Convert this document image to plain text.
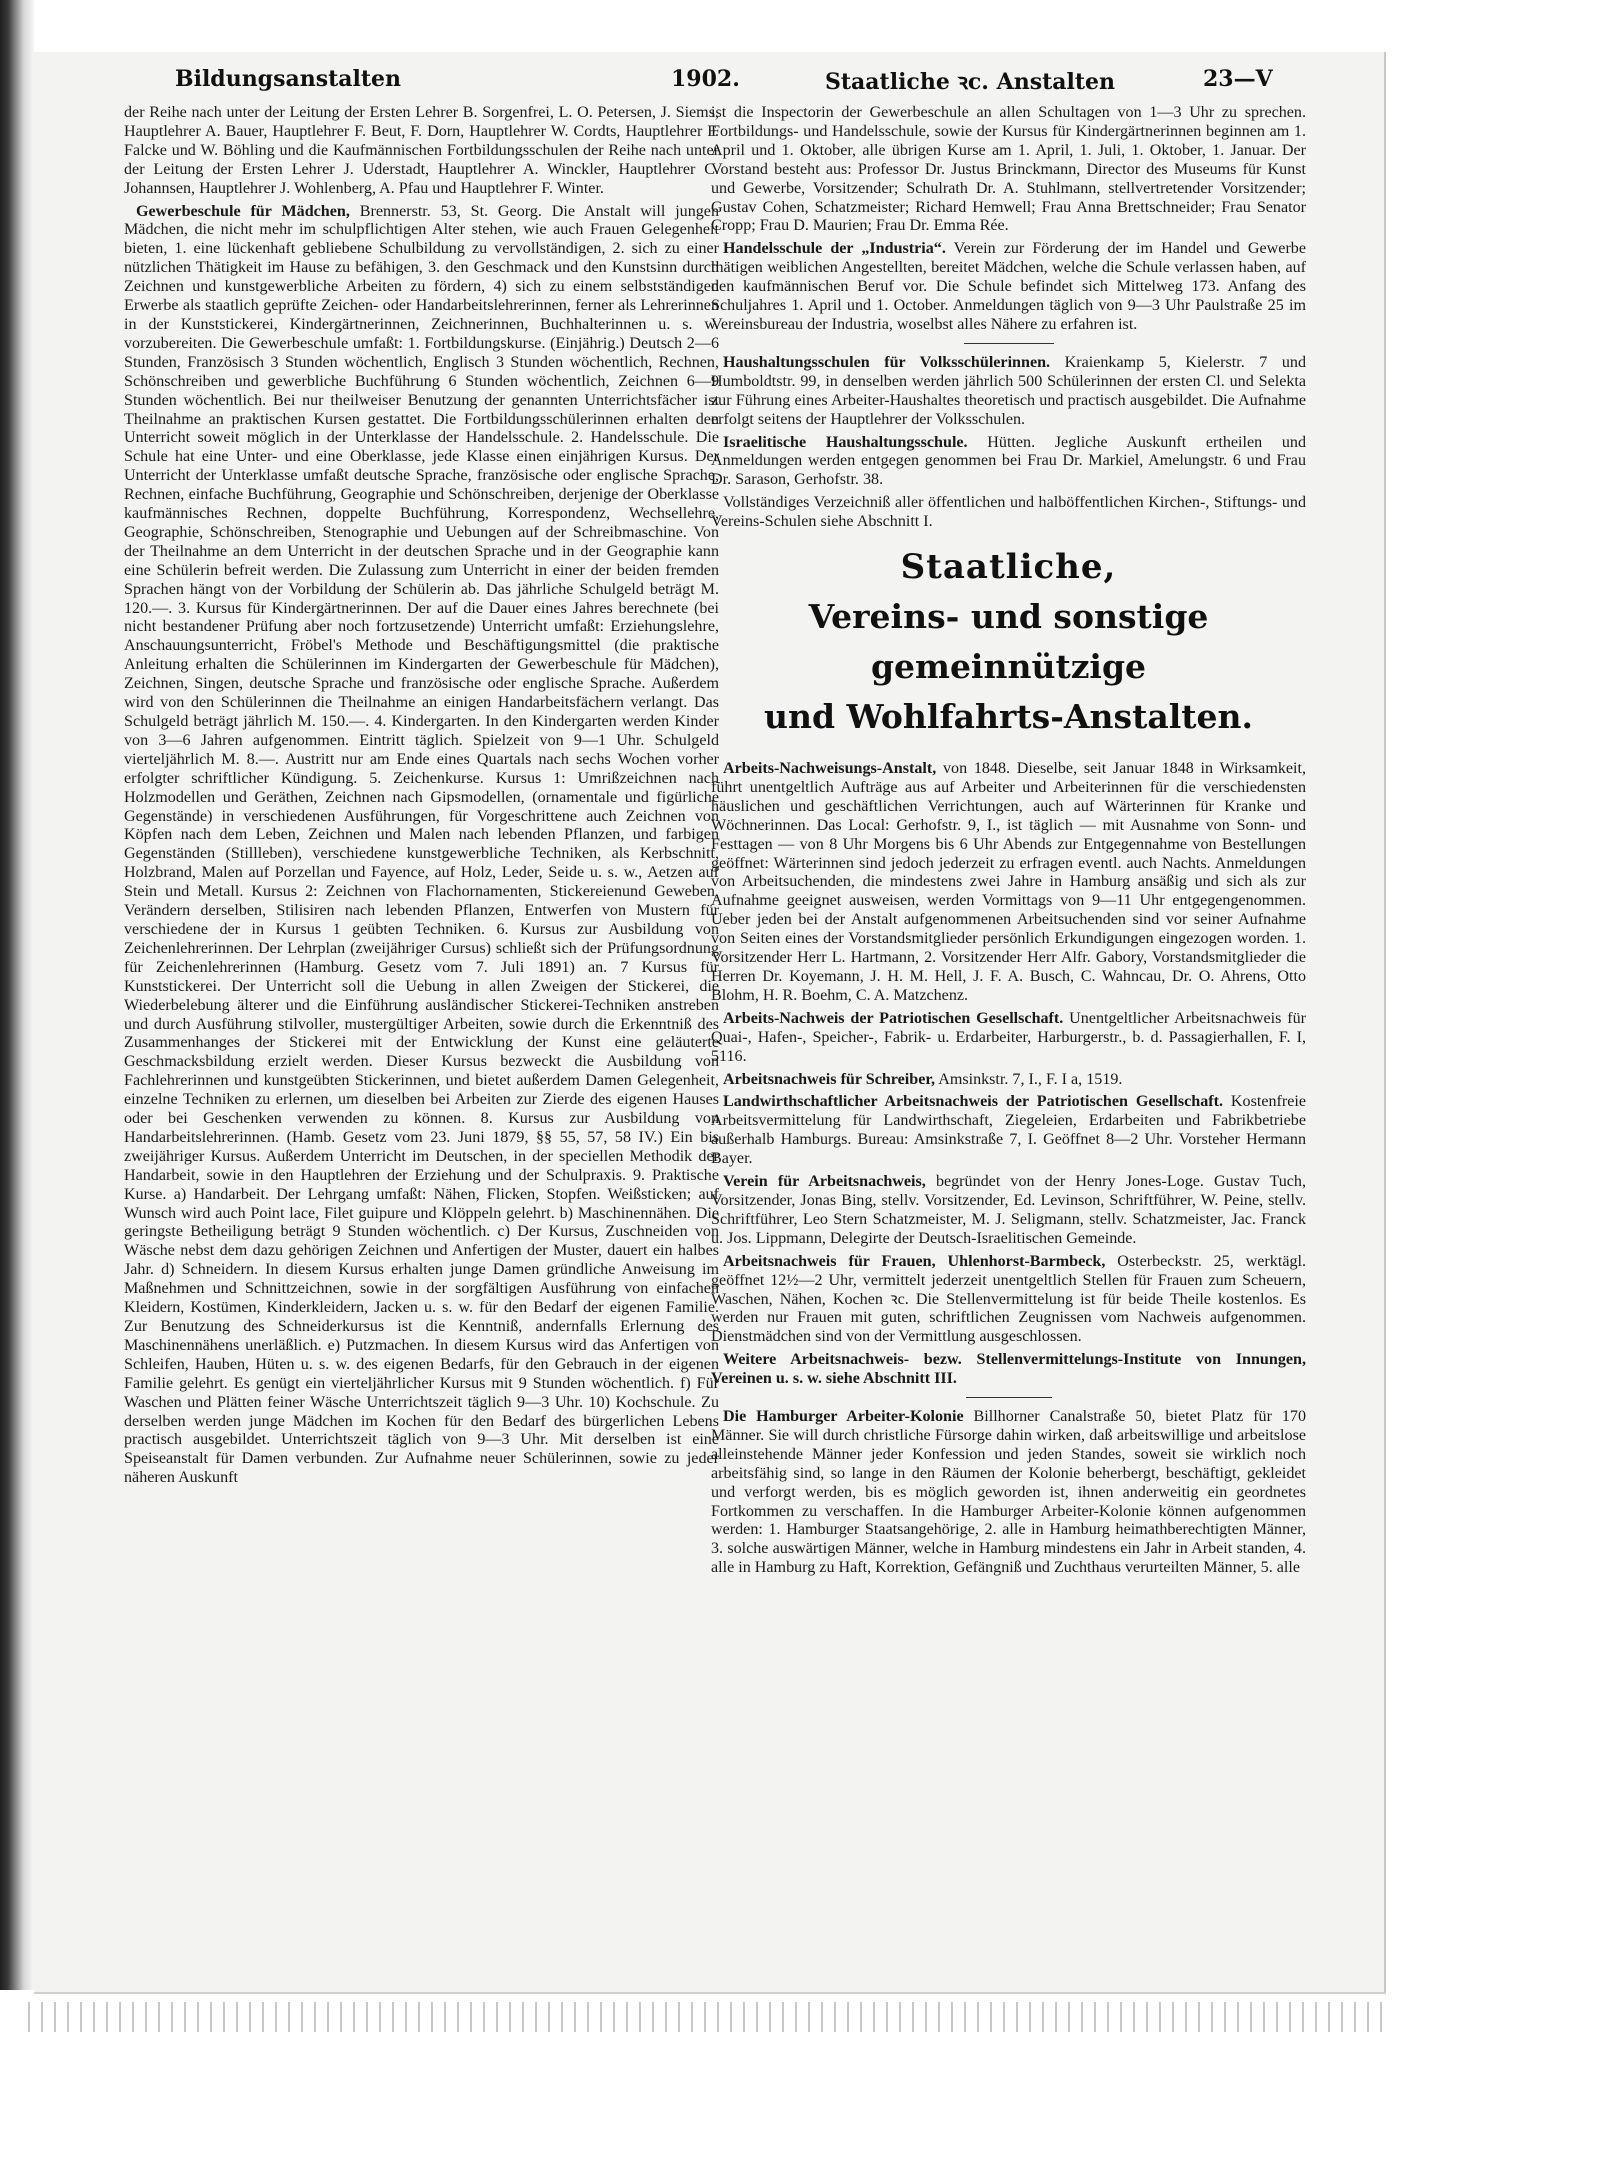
Bildungsanstalten	1902.	Staatliche ꝛc. Anstalten	23—V

der Reihe nach unter der Leitung der Ersten Lehrer B. Sorgenfrei, L. O. Petersen, J. Siems, Hauptlehrer A. Bauer, Hauptlehrer F. Beut, F. Dorn, Hauptlehrer W. Cordts, Hauptlehrer F. Falcke und W. Böhling und die Kaufmännischen Fortbildungsschulen der Reihe nach unter der Leitung der Ersten Lehrer J. Uderstadt, Hauptlehrer A. Winckler, Hauptlehrer C. Johannsen, Hauptlehrer J. Wohlenberg, A. Pfau und Hauptlehrer F. Winter.

Gewerbeschule für Mädchen, Brennerstr. 53, St. Georg. Die Anstalt will jungen Mädchen, die nicht mehr im schulpflichtigen Alter stehen, wie auch Frauen Gelegenheit bieten, 1. eine lückenhaft gebliebene Schulbildung zu vervollständigen, 2. sich zu einer nützlichen Thätigkeit im Hause zu befähigen, 3. den Geschmack und den Kunstsinn durch Zeichnen und kunstgewerbliche Arbeiten zu fördern, 4) sich zu einem selbstständigen Erwerbe als staatlich geprüfte Zeichen- oder Handarbeitslehrerinnen, ferner als Lehrerinnen in der Kunststickerei, Kindergärtnerinnen, Zeichnerinnen, Buchhalterinnen u. s. w. vorzubereiten. Die Gewerbeschule umfaßt: 1. Fortbildungskurse. (Einjährig.) Deutsch 2—6 Stunden, Französisch 3 Stunden wöchentlich, Englisch 3 Stunden wöchentlich, Rechnen, Schönschreiben und gewerbliche Buchführung 6 Stunden wöchentlich, Zeichnen 6—9 Stunden wöchentlich. Bei nur theilweiser Benutzung der genannten Unterrichtsfächer ist Theilnahme an praktischen Kursen gestattet. Die Fortbildungsschülerinnen erhalten den Unterricht soweit möglich in der Unterklasse der Handelsschule. 2. Handelsschule. Die Schule hat eine Unter- und eine Oberklasse, jede Klasse einen einjährigen Kursus. Der Unterricht der Unterklasse umfaßt deutsche Sprache, französische oder englische Sprache, Rechnen, einfache Buchführung, Geographie und Schönschreiben, derjenige der Oberklasse kaufmännisches Rechnen, doppelte Buchführung, Korrespondenz, Wechsellehre, Geographie, Schönschreiben, Stenographie und Uebungen auf der Schreibmaschine. Von der Theilnahme an dem Unterricht in der deutschen Sprache und in der Geographie kann eine Schülerin befreit werden. Die Zulassung zum Unterricht in einer der beiden fremden Sprachen hängt von der Vorbildung der Schülerin ab. Das jährliche Schulgeld beträgt M. 120.—. 3. Kursus für Kindergärtnerinnen. Der auf die Dauer eines Jahres berechnete (bei nicht bestandener Prüfung aber noch fortzusetzende) Unterricht umfaßt: Erziehungslehre, Anschauungsunterricht, Fröbel's Methode und Beschäftigungsmittel (die praktische Anleitung erhalten die Schülerinnen im Kindergarten der Gewerbeschule für Mädchen), Zeichnen, Singen, deutsche Sprache und französische oder englische Sprache. Außerdem wird von den Schülerinnen die Theilnahme an einigen Handarbeitsfächern verlangt. Das Schulgeld beträgt jährlich M. 150.—. 4. Kindergarten. In den Kindergarten werden Kinder von 3—6 Jahren aufgenommen. Eintritt täglich. Spielzeit von 9—1 Uhr. Schulgeld vierteljährlich M. 8.—. Austritt nur am Ende eines Quartals nach sechs Wochen vorher erfolgter schriftlicher Kündigung. 5. Zeichenkurse. Kursus 1: Umrißzeichnen nach Holzmodellen und Geräthen, Zeichnen nach Gipsmodellen, (ornamentale und figürliche Gegenstände) in verschiedenen Ausführungen, für Vorgeschrittene auch Zeichnen von Köpfen nach dem Leben, Zeichnen und Malen nach lebenden Pflanzen, und farbigen Gegenständen (Stillleben), verschiedene kunstgewerbliche Techniken, als Kerbschnitt, Holzbrand, Malen auf Porzellan und Fayence, auf Holz, Leder, Seide u. s. w., Aetzen auf Stein und Metall. Kursus 2: Zeichnen von Flachornamenten, Stickereienund Geweben, Verändern derselben, Stilisiren nach lebenden Pflanzen, Entwerfen von Mustern für verschiedene der in Kursus 1 geübten Techniken. 6. Kursus zur Ausbildung von Zeichenlehrerinnen. Der Lehrplan (zweijähriger Cursus) schließt sich der Prüfungsordnung für Zeichenlehrerinnen (Hamburg. Gesetz vom 7. Juli 1891) an. 7 Kursus für Kunststickerei. Der Unterricht soll die Uebung in allen Zweigen der Stickerei, die Wiederbelebung älterer und die Einführung ausländischer Stickerei-Techniken anstreben und durch Ausführung stilvoller, mustergültiger Arbeiten, sowie durch die Erkenntniß des Zusammenhanges der Stickerei mit der Entwicklung der Kunst eine geläuterte Geschmacksbildung erzielt werden. Dieser Kursus bezweckt die Ausbildung von Fachlehrerinnen und kunstgeübten Stickerinnen, und bietet außerdem Damen Gelegenheit, einzelne Techniken zu erlernen, um dieselben bei Arbeiten zur Zierde des eigenen Hauses oder bei Geschenken verwenden zu können. 8. Kursus zur Ausbildung von Handarbeitslehrerinnen. (Hamb. Gesetz vom 23. Juni 1879, §§ 55, 57, 58 IV.) Ein bis zweijähriger Kursus. Außerdem Unterricht im Deutschen, in der speciellen Methodik der Handarbeit, sowie in den Hauptlehren der Erziehung und der Schulpraxis. 9. Praktische Kurse. a) Handarbeit. Der Lehrgang umfaßt: Nähen, Flicken, Stopfen. Weißsticken; auf Wunsch wird auch Point lace, Filet guipure und Klöppeln gelehrt. b) Maschinennähen. Die geringste Betheiligung beträgt 9 Stunden wöchentlich. c) Der Kursus, Zuschneiden von Wäsche nebst dem dazu gehörigen Zeichnen und Anfertigen der Muster, dauert ein halbes Jahr. d) Schneidern. In diesem Kursus erhalten junge Damen gründliche Anweisung im Maßnehmen und Schnittzeichnen, sowie in der sorgfältigen Ausführung von einfachen Kleidern, Kostümen, Kinderkleidern, Jacken u. s. w. für den Bedarf der eigenen Familie. Zur Benutzung des Schneiderkursus ist die Kenntniß, andernfalls Erlernung des Maschinennähens unerläßlich. e) Putzmachen. In diesem Kursus wird das Anfertigen von Schleifen, Hauben, Hüten u. s. w. des eigenen Bedarfs, für den Gebrauch in der eigenen Familie gelehrt. Es genügt ein vierteljährlicher Kursus mit 9 Stunden wöchentlich. f) Für Waschen und Plätten feiner Wäsche Unterrichtszeit täglich 9—3 Uhr. 10) Kochschule. Zu derselben werden junge Mädchen im Kochen für den Bedarf des bürgerlichen Lebens practisch ausgebildet. Unterrichtszeit täglich von 9—3 Uhr. Mit derselben ist eine Speiseanstalt für Damen verbunden. Zur Aufnahme neuer Schülerinnen, sowie zu jeder näheren Auskunft

ist die Inspectorin der Gewerbeschule an allen Schultagen von 1—3 Uhr zu sprechen. Fortbildungs- und Handelsschule, sowie der Kursus für Kindergärtnerinnen beginnen am 1. April und 1. Oktober, alle übrigen Kurse am 1. April, 1. Juli, 1. Oktober, 1. Januar. Der Vorstand besteht aus: Professor Dr. Justus Brinckmann, Director des Museums für Kunst und Gewerbe, Vorsitzender; Schulrath Dr. A. Stuhlmann, stellvertretender Vorsitzender; Gustav Cohen, Schatzmeister; Richard Hemwell; Frau Anna Brettschneider; Frau Senator Cropp; Frau D. Maurien; Frau Dr. Emma Rée.

Handelsschule der „Industria“. Verein zur Förderung der im Handel und Gewerbe thätigen weiblichen Angestellten, bereitet Mädchen, welche die Schule verlassen haben, auf den kaufmännischen Beruf vor. Die Schule befindet sich Mittelweg 173. Anfang des Schuljahres 1. April und 1. October. Anmeldungen täglich von 9—3 Uhr Paulstraße 25 im Vereinsbureau der Industria, woselbst alles Nähere zu erfahren ist.

Haushaltungsschulen für Volksschülerinnen. Kraienkamp 5, Kielerstr. 7 und Humboldtstr. 99, in denselben werden jährlich 500 Schülerinnen der ersten Cl. und Selekta zur Führung eines Arbeiter-Haushaltes theoretisch und practisch ausgebildet. Die Aufnahme erfolgt seitens der Hauptlehrer der Volksschulen.

Israelitische Haushaltungsschule. Hütten. Jegliche Auskunft ertheilen und Anmeldungen werden entgegen genommen bei Frau Dr. Markiel, Amelungstr. 6 und Frau Dr. Sarason, Gerhofstr. 38.

Vollständiges Verzeichniß aller öffentlichen und halböffentlichen Kirchen-, Stiftungs- und Vereins-Schulen siehe Abschnitt I.

Staatliche,
Vereins- und sonstige gemeinnützige
und Wohlfahrts-Anstalten.

Arbeits-Nachweisungs-Anstalt, von 1848. Dieselbe, seit Januar 1848 in Wirksamkeit, führt unentgeltlich Aufträge aus auf Arbeiter und Arbeiterinnen für die verschiedensten häuslichen und geschäftlichen Verrichtungen, auch auf Wärterinnen für Kranke und Wöchnerinnen. Das Local: Gerhofstr. 9, I., ist täglich — mit Ausnahme von Sonn- und Festtagen — von 8 Uhr Morgens bis 6 Uhr Abends zur Entgegennahme von Bestellungen geöffnet: Wärterinnen sind jedoch jederzeit zu erfragen eventl. auch Nachts. Anmeldungen von Arbeitsuchenden, die mindestens zwei Jahre in Hamburg ansäßig und sich als zur Aufnahme geeignet ausweisen, werden Vormittags von 9—11 Uhr entgegengenommen. Ueber jeden bei der Anstalt aufgenommenen Arbeitsuchenden sind vor seiner Aufnahme von Seiten eines der Vorstandsmitglieder persönlich Erkundigungen eingezogen worden. 1. Vorsitzender Herr L. Hartmann, 2. Vorsitzender Herr Alfr. Gabory, Vorstandsmitglieder die Herren Dr. Koyemann, J. H. M. Hell, J. F. A. Busch, C. Wahncau, Dr. O. Ahrens, Otto Blohm, H. R. Boehm, C. A. Matzchenz.

Arbeits-Nachweis der Patriotischen Gesellschaft. Unentgeltlicher Arbeitsnachweis für Quai-, Hafen-, Speicher-, Fabrik- u. Erdarbeiter, Harburgerstr., b. d. Passagierhallen, F. I, 5116.

Arbeitsnachweis für Schreiber, Amsinkstr. 7, I., F. I a, 1519.

Landwirthschaftlicher Arbeitsnachweis der Patriotischen Gesellschaft. Kostenfreie Arbeitsvermittelung für Landwirthschaft, Ziegeleien, Erdarbeiten und Fabrikbetriebe außerhalb Hamburgs. Bureau: Amsinkstraße 7, I. Geöffnet 8—2 Uhr. Vorsteher Hermann Bayer.

Verein für Arbeitsnachweis, begründet von der Henry Jones-Loge. Gustav Tuch, Vorsitzender, Jonas Bing, stellv. Vorsitzender, Ed. Levinson, Schriftführer, W. Peine, stellv. Schriftführer, Leo Stern Schatzmeister, M. J. Seligmann, stellv. Schatzmeister, Jac. Franck u. Jos. Lippmann, Delegirte der Deutsch-Israelitischen Gemeinde.

Arbeitsnachweis für Frauen, Uhlenhorst-Barmbeck, Osterbeckstr. 25, werktägl. geöffnet 12½—2 Uhr, vermittelt jederzeit unentgeltlich Stellen für Frauen zum Scheuern, Waschen, Nähen, Kochen ꝛc. Die Stellenvermittelung ist für beide Theile kostenlos. Es werden nur Frauen mit guten, schriftlichen Zeugnissen vom Nachweis aufgenommen. Dienstmädchen sind von der Vermittlung ausgeschlossen.

Weitere Arbeitsnachweis- bezw. Stellenvermittelungs-Institute von Innungen, Vereinen u. s. w. siehe Abschnitt III.

Die Hamburger Arbeiter-Kolonie Billhorner Canalstraße 50, bietet Platz für 170 Männer. Sie will durch christliche Fürsorge dahin wirken, daß arbeitswillige und arbeitslose alleinstehende Männer jeder Konfession und jeden Standes, soweit sie wirklich noch arbeitsfähig sind, so lange in den Räumen der Kolonie beherbergt, beschäftigt, gekleidet und verforgt werden, bis es möglich geworden ist, ihnen anderweitig ein geordnetes Fortkommen zu verschaffen. In die Hamburger Arbeiter-Kolonie können aufgenommen werden: 1. Hamburger Staatsangehörige, 2. alle in Hamburg heimathberechtigten Männer, 3. solche auswärtigen Männer, welche in Hamburg mindestens ein Jahr in Arbeit standen, 4. alle in Hamburg zu Haft, Korrektion, Gefängniß und Zuchthaus verurteilten Männer, 5. alle
